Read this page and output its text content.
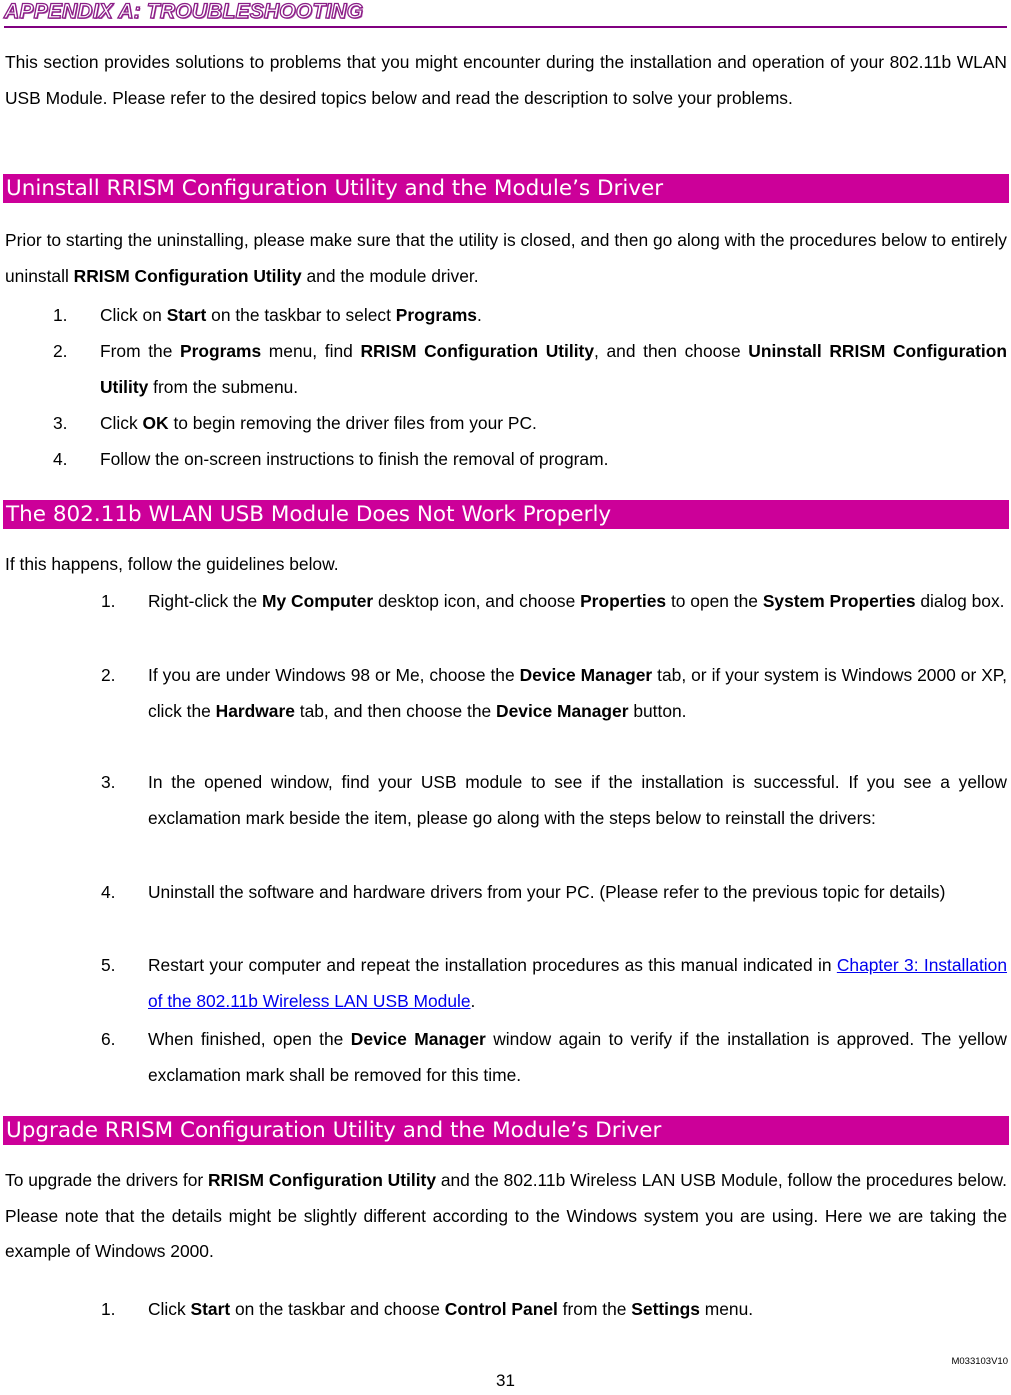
APPENDIX A: TROUBLESHOOTING
This section provides solutions to problems that you might encounter during the installation and operation of your 802.11b WLAN USB Module. Please refer to the desired topics below and read the description to solve your problems.
Uninstall RRISM Configuration Utility and the Module’s Driver
Prior to starting the uninstalling, please make sure that the utility is closed, and then go along with the procedures below to entirely uninstall RRISM Configuration Utility and the module driver.
1. Click on Start on the taskbar to select Programs.
2. From the Programs menu, find RRISM Configuration Utility, and then choose Uninstall RRISM Configuration Utility from the submenu.
3. Click OK to begin removing the driver files from your PC.
4. Follow the on-screen instructions to finish the removal of program.
The 802.11b WLAN USB Module Does Not Work Properly
If this happens, follow the guidelines below.
1. Right-click the My Computer desktop icon, and choose Properties to open the System Properties dialog box.
2. If you are under Windows 98 or Me, choose the Device Manager tab, or if your system is Windows 2000 or XP, click the Hardware tab, and then choose the Device Manager button.
3. In the opened window, find your USB module to see if the installation is successful. If you see a yellow exclamation mark beside the item, please go along with the steps below to reinstall the drivers:
4. Uninstall the software and hardware drivers from your PC. (Please refer to the previous topic for details)
5. Restart your computer and repeat the installation procedures as this manual indicated in Chapter 3: Installation of the 802.11b Wireless LAN USB Module.
6. When finished, open the Device Manager window again to verify if the installation is approved. The yellow exclamation mark shall be removed for this time.
Upgrade RRISM Configuration Utility and the Module’s Driver
To upgrade the drivers for RRISM Configuration Utility and the 802.11b Wireless LAN USB Module, follow the procedures below. Please note that the details might be slightly different according to the Windows system you are using. Here we are taking the example of Windows 2000.
1. Click Start on the taskbar and choose Control Panel from the Settings menu.
M033103V10
31
